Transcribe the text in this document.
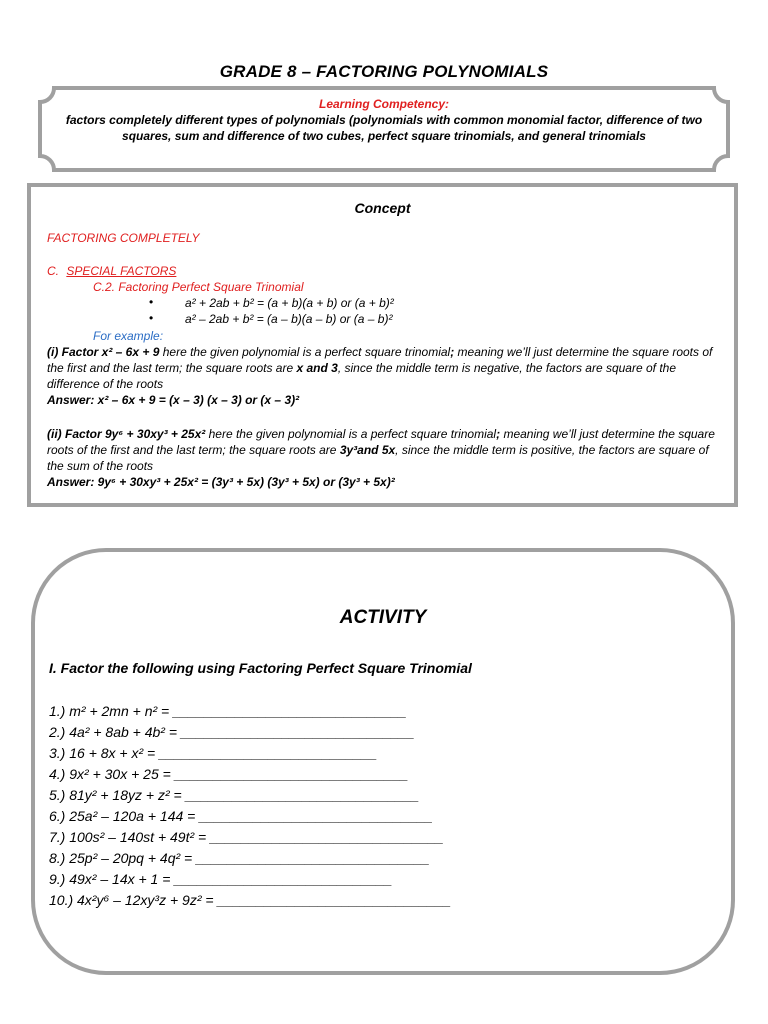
GRADE 8 – FACTORING POLYNOMIALS
Learning Competency:
factors completely different types of polynomials (polynomials with common monomial factor, difference of two squares, sum and difference of two cubes, perfect square trinomials, and general trinomials
Concept
FACTORING COMPLETELY
C. SPECIAL FACTORS
C.2. Factoring Perfect Square Trinomial
•	a² + 2ab + b² = (a + b)(a + b) or (a + b)²
•	a² – 2ab + b² = (a – b)(a – b) or (a – b)²
For example:
(i) Factor x² – 6x + 9 here the given polynomial is a perfect square trinomial; meaning we’ll just determine the square roots of the first and the last term; the square roots are x and 3, since the middle term is negative, the factors are square of the difference of the roots
Answer: x² – 6x + 9 = (x – 3) (x – 3) or (x – 3)²
(ii) Factor 9y⁶ + 30xy³ + 25x² here the given polynomial is a perfect square trinomial; meaning we’ll just determine the square roots of the first and the last term; the square roots are 3y³and 5x, since the middle term is positive, the factors are square of the sum of the roots
Answer: 9y⁶ + 30xy³ + 25x² = (3y³ + 5x) (3y³ + 5x) or (3y³ + 5x)²
ACTIVITY
I. Factor the following using Factoring Perfect Square Trinomial
1.) m² + 2mn + n² = ______________________________
2.) 4a² + 8ab + 4b² = ______________________________
3.) 16 + 8x + x² = ____________________________
4.) 9x² + 30x + 25 = ______________________________
5.) 81y² + 18yz + z² = ______________________________
6.) 25a² – 120a + 144 = ______________________________
7.) 100s² – 140st + 49t² = ______________________________
8.) 25p² – 20pq + 4q² = ______________________________
9.) 49x² – 14x + 1 = ____________________________
10.) 4x²y⁶ – 12xy³z + 9z² = ______________________________
